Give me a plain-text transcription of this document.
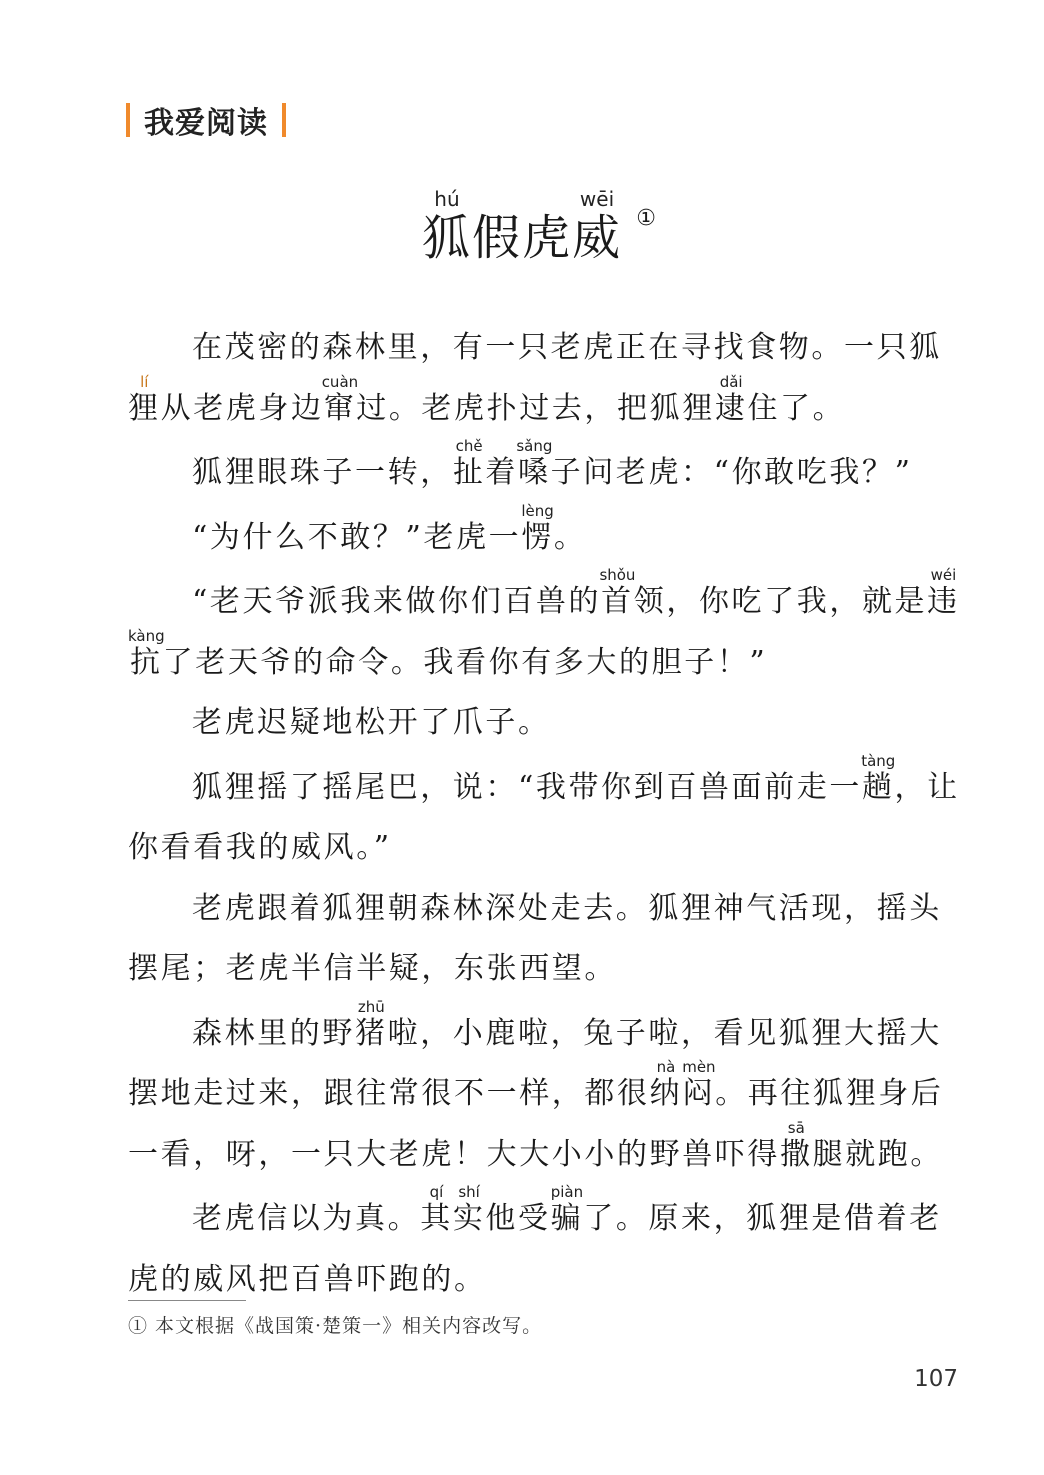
我爱阅读
狐hú假 虎 威wēi
①

在茂密的森林里，有一只老虎正在寻找食物。一只狐狸lí从老虎身边窜cuàn过。老虎扑过去，把狐狸逮dǎi住了。

狐狸眼珠子一转，扯chě着嗓sǎng子问老虎：“你敢吃我？”

“为什么不敢？”老虎一愣lèng。

“老天爷派我来做你们百兽的首shǒu领，你吃了我，就是违wéi抗kàng了老天爷的命令。我看你有多大的胆子！”

老虎迟疑地松开了爪子。

狐狸摇了摇尾巴，说：“我带你到百兽面前走一趟tàng，让你看看我的威风。”

老虎跟着狐狸朝森林深处走去。狐狸神气活现，摇头摆尾；老虎半信半疑，东张西望。

森林里的野猪zhū啦，小鹿啦，兔子啦，看见狐狸大摇大摆地走过来，跟往常很不一样，都很纳nà闷mèn。再往狐狸身后一看，呀，一只大老虎！大大小小的野兽吓得撒sā腿就跑。

老虎信以为真。其qí实shí他受骗piàn了。原来，狐狸是借着老虎的威风把百兽吓跑的。

① 本文根据《战国策·楚策一》相关内容改写。
107
